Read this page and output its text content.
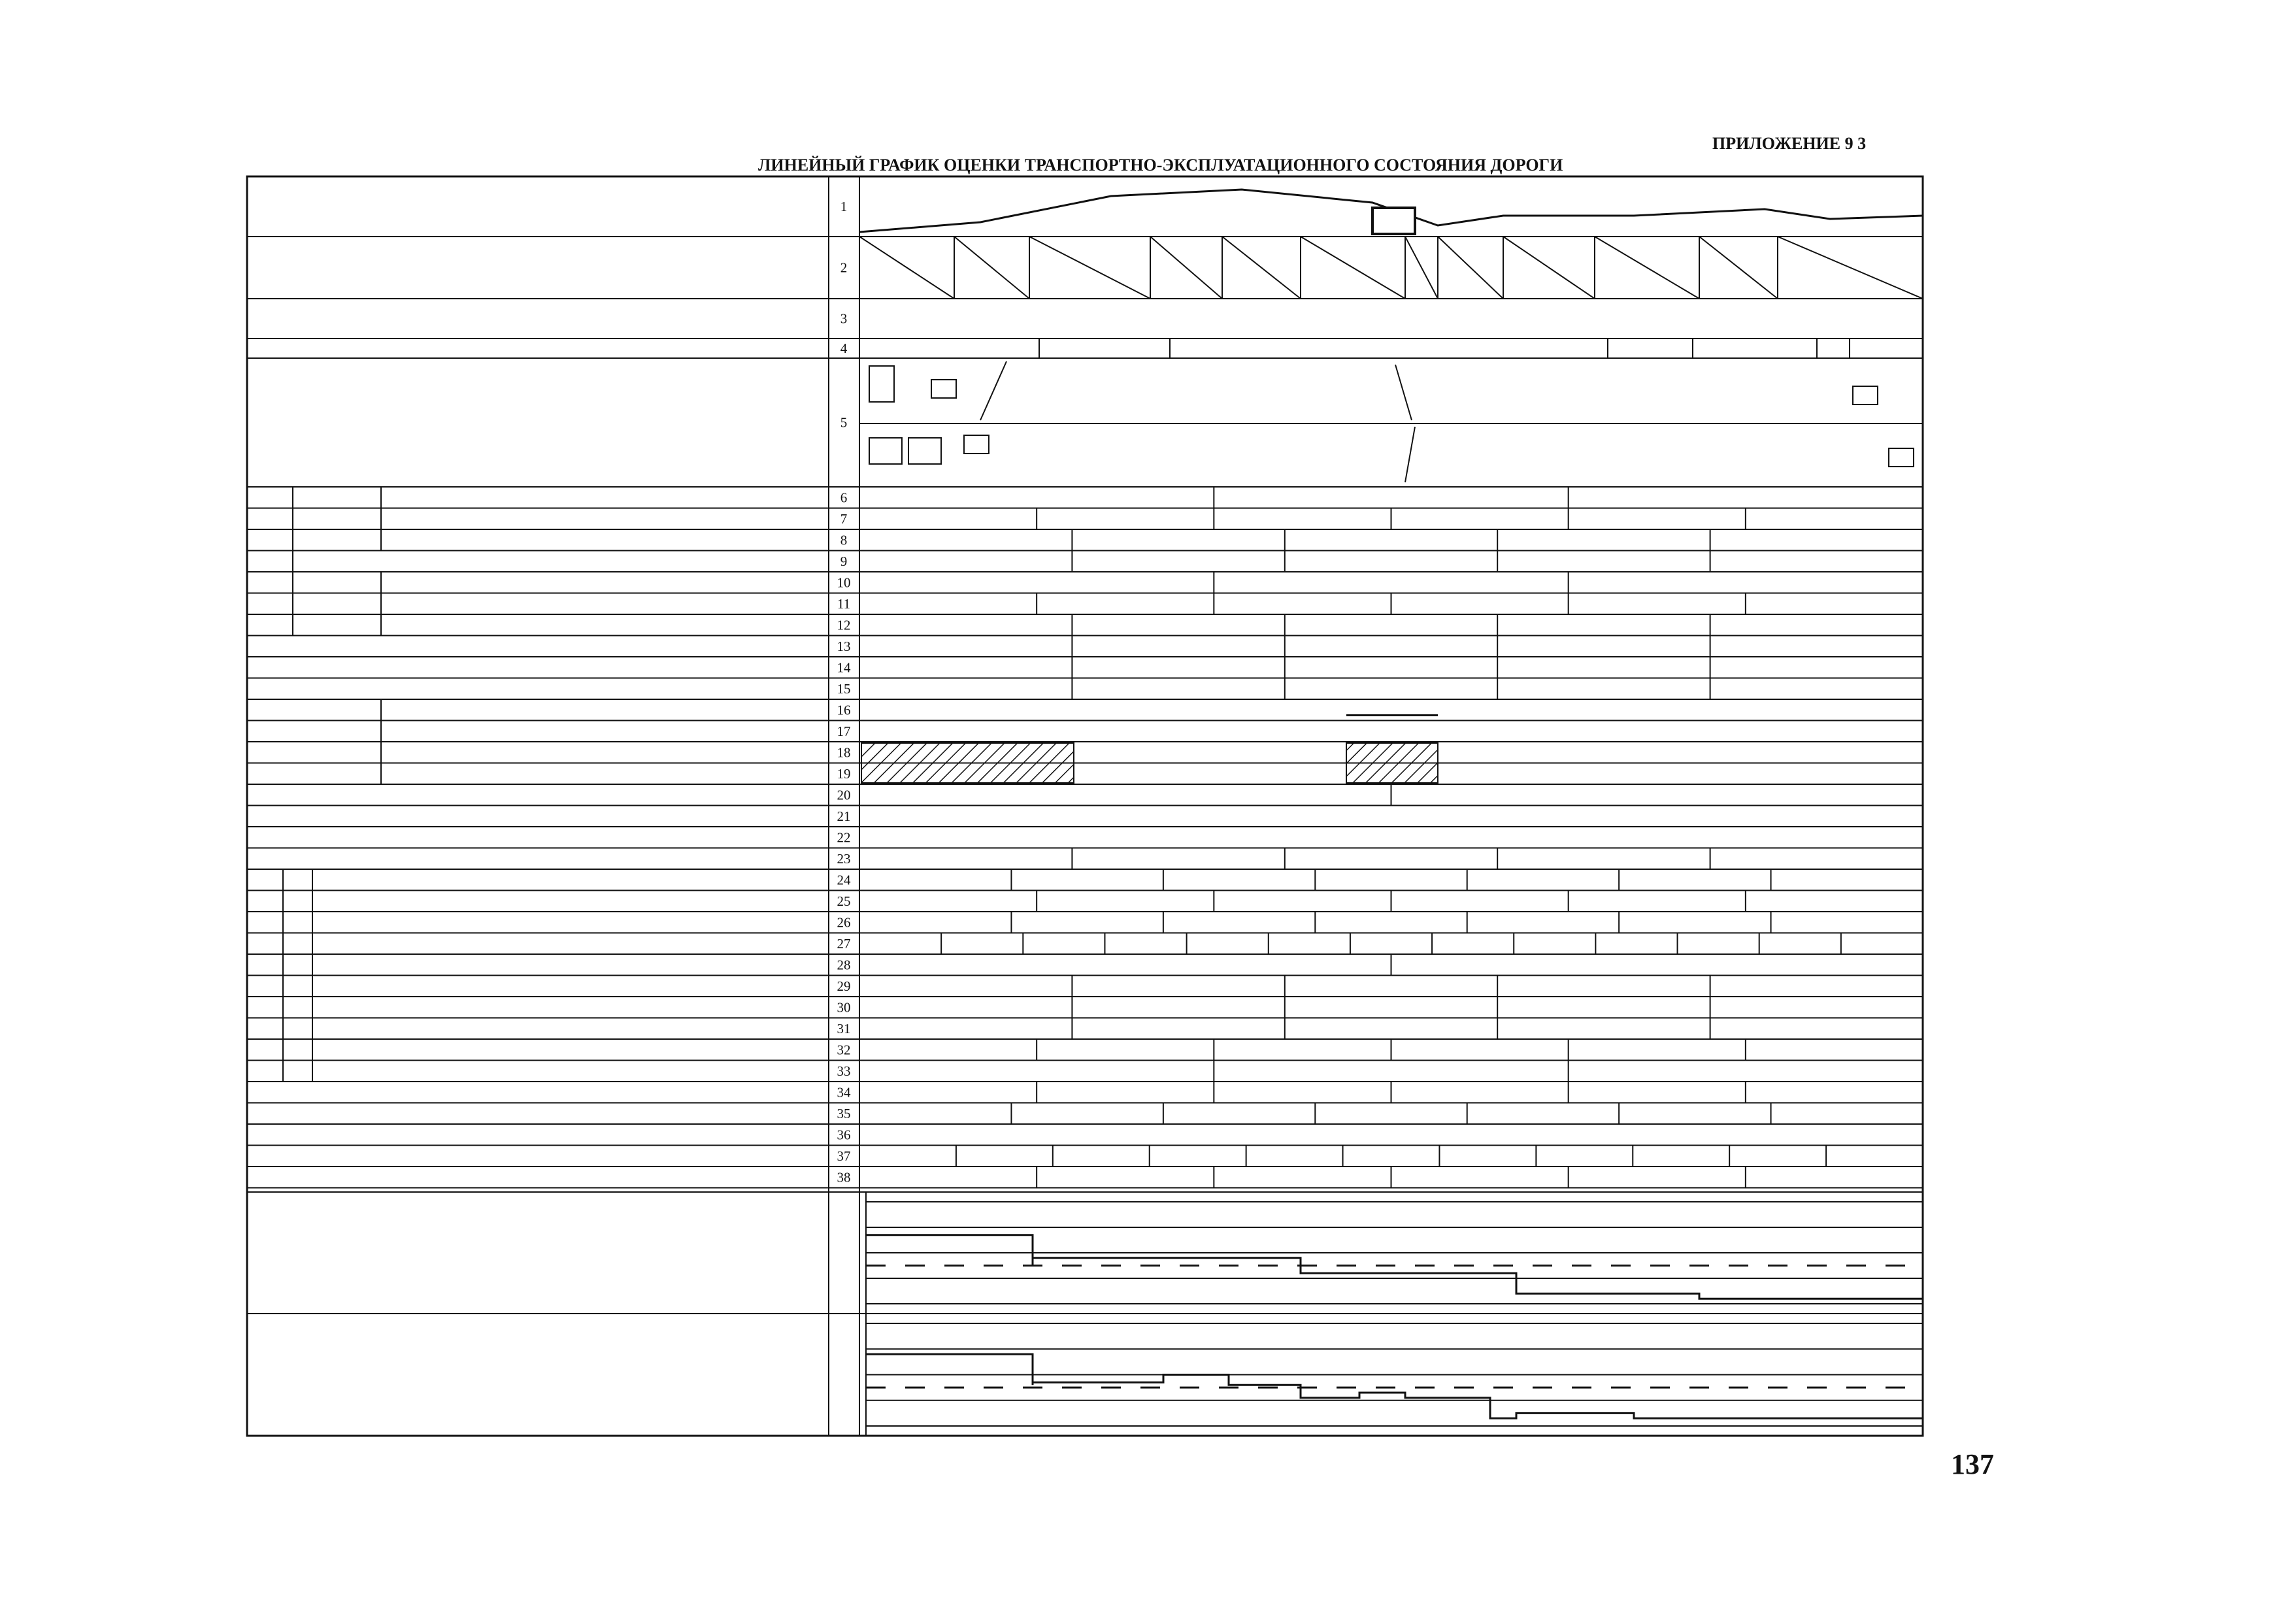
ПРИЛОЖЕНИЕ 9 3
ЛИНЕЙНЫЙ ГРАФИК ОЦЕНКИ ТРАНСПОРТНО-ЭКСПЛУАТАЦИОННОГО СОСТОЯНИЯ ДОРОГИ
137
1
2
3
4
5
6
7
8
9
10
11
12
13
14
15
16
17
18
19
20
21
22
23
24
25
26
27
28
29
30
31
32
33
34
35
36
37
38
